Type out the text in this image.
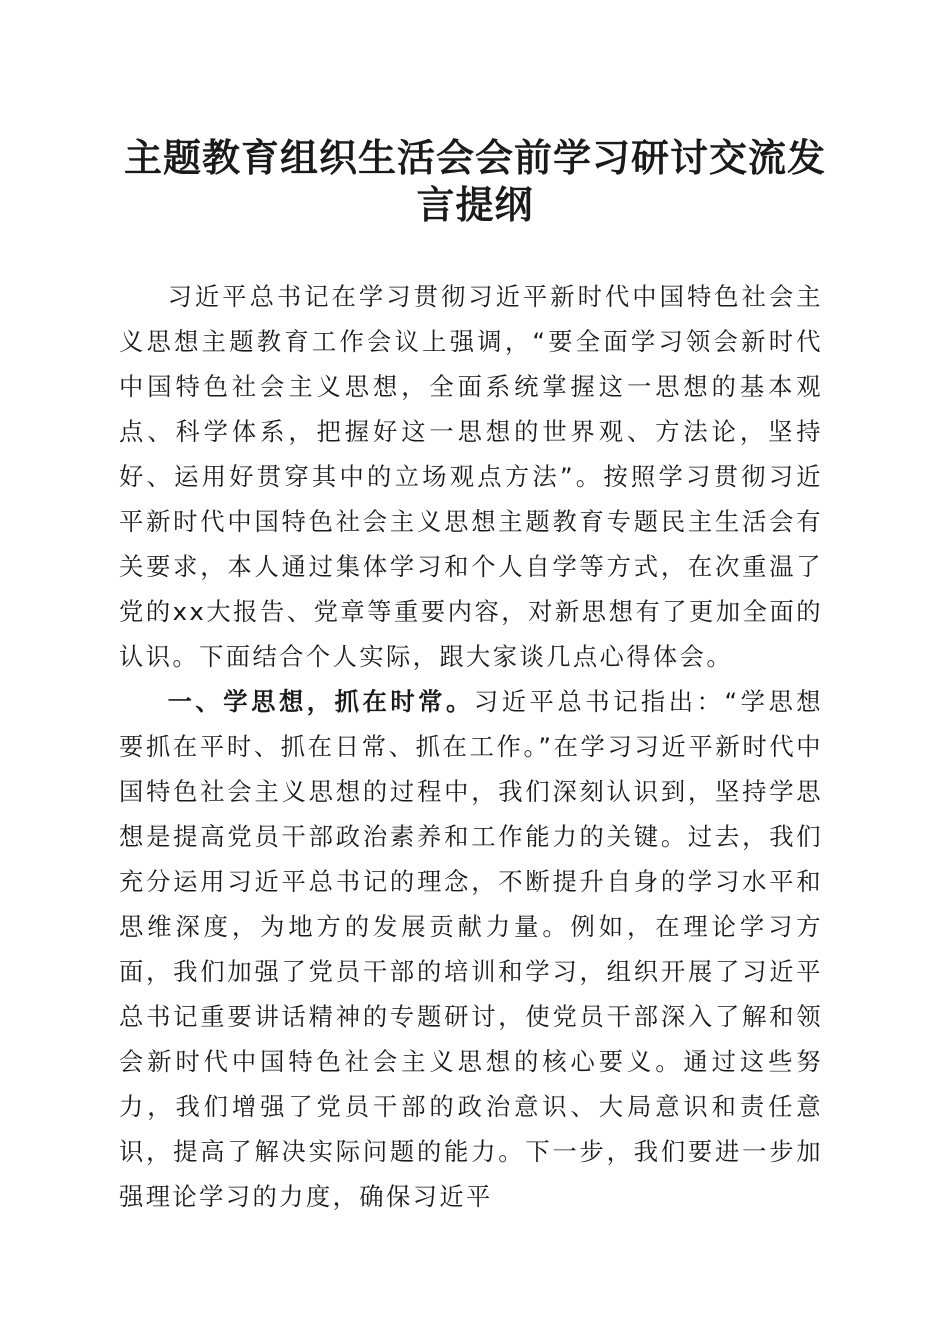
主题教育组织生活会会前学习研讨交流发言提纲

习近平总书记在学习贯彻习近平新时代中国特色社会主义思想主题教育工作会议上强调，“要全面学习领会新时代中国特色社会主义思想，全面系统掌握这一思想的基本观点、科学体系，把握好这一思想的世界观、方法论，坚持好、运用好贯穿其中的立场观点方法”。按照学习贯彻习近平新时代中国特色社会主义思想主题教育专题民主生活会有关要求，本人通过集体学习和个人自学等方式，在次重温了党的xx大报告、党章等重要内容，对新思想有了更加全面的认识。下面结合个人实际，跟大家谈几点心得体会。

一、学思想，抓在时常。习近平总书记指出：“学思想要抓在平时、抓在日常、抓在工作。”在学习习近平新时代中国特色社会主义思想的过程中，我们深刻认识到，坚持学思想是提高党员干部政治素养和工作能力的关键。过去，我们充分运用习近平总书记的理念，不断提升自身的学习水平和思维深度，为地方的发展贡献力量。例如，在理论学习方面，我们加强了党员干部的培训和学习，组织开展了习近平总书记重要讲话精神的专题研讨，使党员干部深入了解和领会新时代中国特色社会主义思想的核心要义。通过这些努力，我们增强了党员干部的政治意识、大局意识和责任意识，提高了解决实际问题的能力。下一步，我们要进一步加强理论学习的力度，确保习近平
